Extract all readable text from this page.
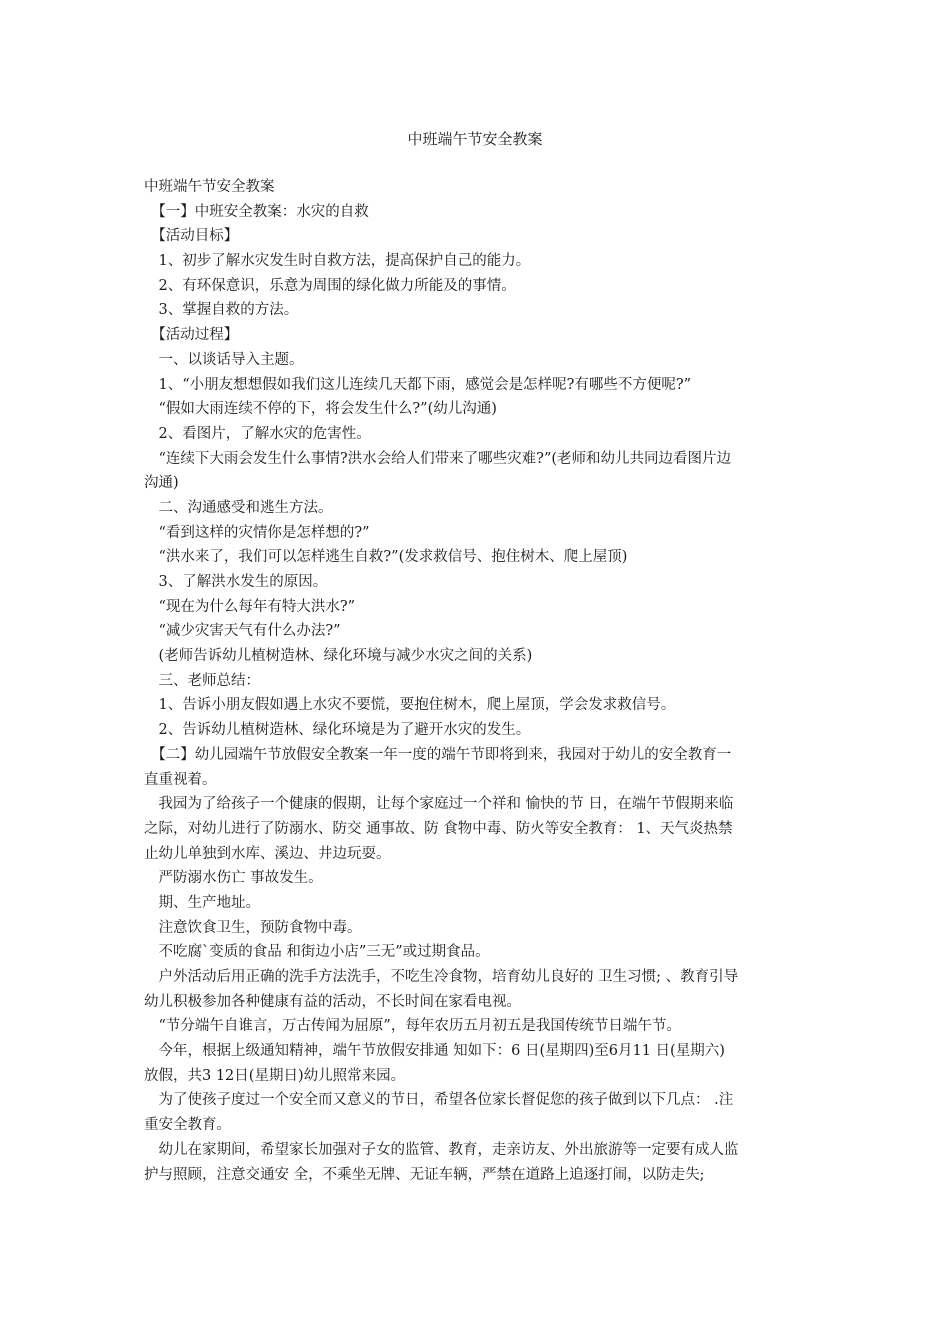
中班端午节安全教案
中班端午节安全教案
　【一】中班安全教案：水灾的自救
　【活动目标】
　1、初步了解水灾发生时自救方法，提高保护自己的能力。
　2、有环保意识，乐意为周围的绿化做力所能及的事情。
　3、掌握自救的方法。
　【活动过程】
　一、以谈话导入主题。
　1、“小朋友想想假如我们这儿连续几天都下雨，感觉会是怎样呢?有哪些不方便呢?”
　“假如大雨连续不停的下，将会发生什么?”(幼儿沟通)
　2、看图片，了解水灾的危害性。
　“连续下大雨会发生什么事情?洪水会给人们带来了哪些灾难?”(老师和幼儿共同边看图片边
沟通)
　二、沟通感受和逃生方法。
　“看到这样的灾情你是怎样想的?”
　“洪水来了，我们可以怎样逃生自救?”(发求救信号、抱住树木、爬上屋顶)
　3、了解洪水发生的原因。
　“现在为什么每年有特大洪水?”
　“减少灾害天气有什么办法?”
　(老师告诉幼儿植树造林、绿化环境与减少水灾之间的关系)
　三、老师总结：
　1、告诉小朋友假如遇上水灾不要慌，要抱住树木，爬上屋顶，学会发求救信号。
　2、告诉幼儿植树造林、绿化环境是为了避开水灾的发生。
　【二】幼儿园端午节放假安全教案一年一度的端午节即将到来，我园对于幼儿的安全教育一
直重视着。
　我园为了给孩子一个健康的假期，让每个家庭过一个祥和 愉快的节 日，在端午节假期来临
之际，对幼儿进行了防溺水、防交 通事故、防 食物中毒、防火等安全教育： 1、天气炎热禁
止幼儿单独到水库、溪边、井边玩耍。
　严防溺水伤亡 事故发生。
　期、生产地址。
　注意饮食卫生，预防食物中毒。
　不吃腐`变质的食品 和街边小店”三无”或过期食品。
　户外活动后用正确的洗手方法洗手，不吃生冷食物，培育幼儿良好的 卫生习惯; 、教育引导
幼儿积极参加各种健康有益的活动，不长时间在家看电视。
　“节分端午自谁言，万古传闻为屈原”，每年农历五月初五是我国传统节日端午节。
　今年，根据上级通知精神，端午节放假安排通 知如下：6 日(星期四)至6月11 日(星期六)
放假，共3 12日(星期日)幼儿照常来园。
　为了使孩子度过一个安全而又意义的节日，希望各位家长督促您的孩子做到以下几点： .注
重安全教育。
　幼儿在家期间，希望家长加强对子女的监管、教育，走亲访友、外出旅游等一定要有成人监
护与照顾，注意交通安 全，不乘坐无牌、无证车辆，严禁在道路上追逐打闹，以防走失;
